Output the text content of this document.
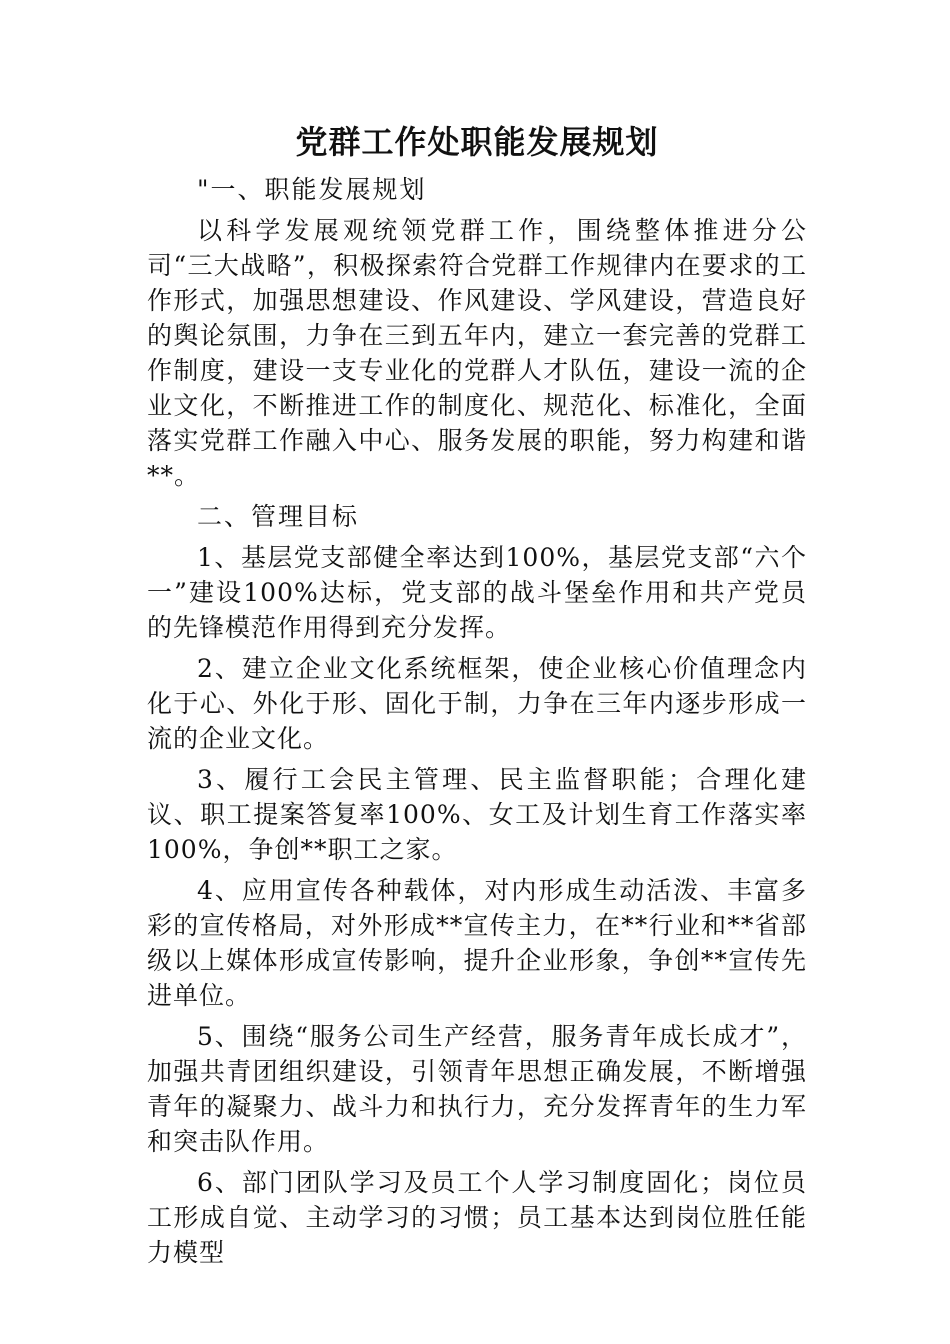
党群工作处职能发展规划

"一、职能发展规划

以科学发展观统领党群工作，围绕整体推进分公司“三大战略”，积极探索符合党群工作规律内在要求的工作形式，加强思想建设、作风建设、学风建设，营造良好的舆论氛围，力争在三到五年内，建立一套完善的党群工作制度，建设一支专业化的党群人才队伍，建设一流的企业文化，不断推进工作的制度化、规范化、标准化，全面落实党群工作融入中心、服务发展的职能，努力构建和谐**。

二、管理目标

1、基层党支部健全率达到100%，基层党支部“六个一”建设100%达标，党支部的战斗堡垒作用和共产党员的先锋模范作用得到充分发挥。

2、建立企业文化系统框架，使企业核心价值理念内化于心、外化于形、固化于制，力争在三年内逐步形成一流的企业文化。

3、履行工会民主管理、民主监督职能；合理化建议、职工提案答复率100%、女工及计划生育工作落实率100%，争创**职工之家。

4、应用宣传各种载体，对内形成生动活泼、丰富多彩的宣传格局，对外形成**宣传主力，在**行业和**省部级以上媒体形成宣传影响，提升企业形象，争创**宣传先进单位。

5、围绕“服务公司生产经营，服务青年成长成才”，加强共青团组织建设，引领青年思想正确发展，不断增强青年的凝聚力、战斗力和执行力，充分发挥青年的生力军和突击队作用。

6、部门团队学习及员工个人学习制度固化；岗位员工形成自觉、主动学习的习惯；员工基本达到岗位胜任能力模型
